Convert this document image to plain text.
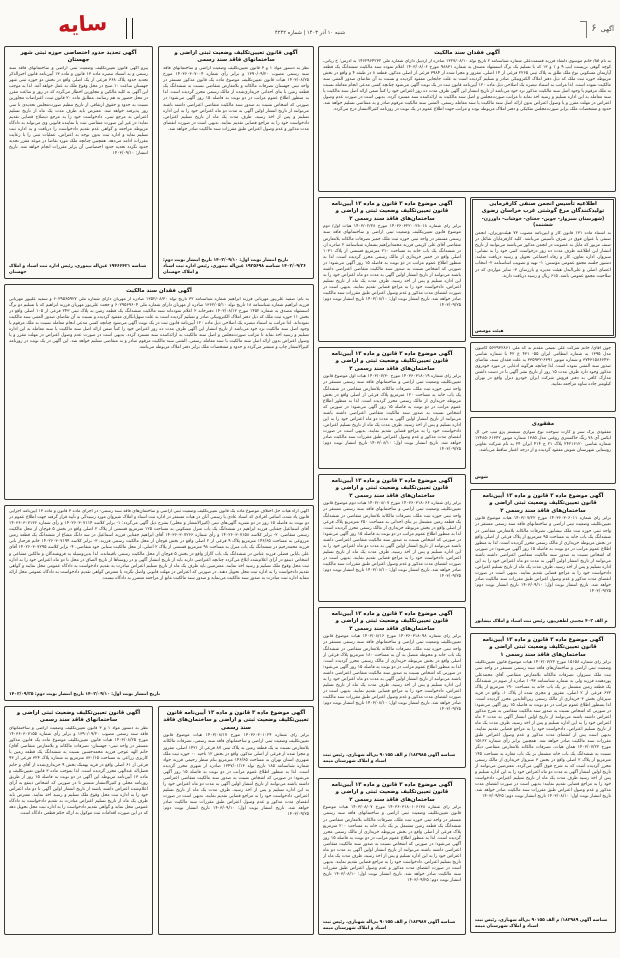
آگهی
۶
شنبه ۱۰ آذر ۱۴۰۳ | شماره ۴۲۴۲
سایه
آگهی تحدید حدود اختصاصی حوزه ثبتی شهر جهستان
پیرو آگهی قانون تعیین‌تکلیف وضعیت ثبتی اراضی و ساختمانهای فاقد سند رسمی و به استناد تبصره ماده ۱۳ قانون و ماده ۱۳ آیین‌نامه قانون اخیرالذکر تحدید حدود پلاک ۳۶۸ فرعی از یک اصلی واقع در بخش دو حوزه ثبتی شهر جهستان ساعت ۱۰ صبح در محل وقوع ملک به عمل خواهد آمد. لذا به موجب این آگهی به کلیه مالکین و مجاورین اخطار می‌گردد که در روز و ساعت مقرر در محل حضور به هم رسانند. مطابق ماده ۲۰ قانون ثبت، اعتراضات مجاورین نسبت به حدود و حقوق ارتفاقی از تاریخ تنظیم صورت‌مجلس تحدیدی تا سی روز پذیرفته خواهد شد. معترض باید ظرف مدت یک ماه از تاریخ تسلیم اعتراض به مرجع ثبتی، دادخواست خود را به مرجع ذیصلاح قضایی تقدیم نماید؛ در غیر این صورت متقاضی ثبت یا نماینده قانونی وی می‌تواند به دادگاه مربوطه مراجعه و گواهی عدم تقدیم دادخواست را دریافت و به اداره ثبت تسلیم نماید و اداره ثبت بدون توجه به اعتراض، عملیات ثبتی را با رعایت مقررات ادامه می‌دهد. همچنین چنانچه ملک مورد تقاضا در موعد مقرر تحدید حدود نگردد تحدید حدود اختصاصی آن برابر مقررات انجام خواهد شد. تاریخ انتشار: ۱۴۰۳/۰۹/۱۰
شناسه ۱۹۴۶۶۴۳۱ عین‌اله تیموری، رئیس اداره ثبت اسناد و املاک جهستان
آگهی قانون تعیین‌تکلیف وضعیت ثبتی اراضی و ساختمانهای فاقد سند رسمی
نظر به دستور مواد ۱ و ۳ قانون تعیین‌تکلیف وضعیت اراضی و ساختمانهای فاقد سند رسمی مصوب ۱۳۹۰/۰۹/۲۰ و برابر رأی شماره ۱۴۰۳۶۰۳۰۷۰۰۴ مورخ ۱۴۰۳/۰۸/۲۵ هیات قانون تعیین‌تکلیف موضوع ماده یک قانون مذکور مستقر در واحد ثبتی جهستان تصرفات مالکانه و بلامعارض متقاضی نسبت به ششدانگ یک قطعه زمین با بنای احداثی خریداری‌شده از مالک رسمی محرز گردیده است. لذا به منظور اطلاع عموم مراتب در دو نوبت به فاصله ۱۵ روز آگهی می‌شود؛ در صورتی که اشخاص نسبت به صدور سند مالکیت متقاضی اعتراضی داشته باشند می‌توانند از تاریخ انتشار اولین آگهی به مدت دو ماه اعتراض خود را به این اداره تسلیم و پس از اخذ رسید، ظرف مدت یک ماه از تاریخ تسلیم اعتراض، دادخواست خود را به مراجع قضایی تقدیم نمایند. بدیهی است در صورت انقضای مدت مذکور و عدم وصول اعتراض طبق مقررات سند مالکیت صادر خواهد شد.
تاریخ انتشار نوبت اول: ۱۴۰۳/۰۹/۱۰ تاریخ انتشار نوبت دوم: ۱۴۰۳/۰۹/۲۶ شناسه ۱۹۳۵۶۹۸ عین‌اله تیموری، رئیس اداره ثبت اسناد و املاک جهستان
آگهی فقدان سند مالکیت
به نام آقا/ خانم موسوی دلشاد فرزند قسمت‌علی شماره شناسنامه ۲ تاریخ تولد ۱۳۲۷/۰۸/۱۰ صادره از اردبیل دارای شماره ملی ۱۴۶۲۹۶۴۲۳۲ به آدرس: خ زیاتی، کوچه گوهر، بن‌بست ایپ ۹ و ۱ و ۱۳ که با تسلیم یک برگ استشهاد مصدق به شماره ۹۸۸۳۱ مورخ ۱۴۰۳/۰۸/۰۶ اعلام نموده سند مالکیت ششدانگ یک قطعه آپارتمان مسکونی نوع ملک طلق به پلاک ثبتی ۲۲۶۵ فرعی از ۱۴ اصلی، مفروز و مجزا شده از ۳۹۸۴ فرعی از اصلی مذکور، قطعه ۸ در طبقه ۴ و واقع در بخش مربوطه حوزه ثبت ملک که ذیل دفتر املاک الکترونیکی صادر و تسلیم گردیده است به علت جابجایی مفقود گردیده و نسبت به آن تقاضای صدور المثنی سند مالکیت نموده است. لذا مراتب به استناد تبصره یک اصلاحی ذیل ماده ۱۲۰ آیین‌نامه قانون ثبت در یک نوبت آگهی می‌شود چنانچه کسی مدعی انجام معامله نسبت به ملک مرقوم یا وجود اصل سند مالکیت مذکور نزد خود می‌باشد از تاریخ انتشار این آگهی ظرف مدت ده روز اعتراض خود را کتباً ضمن ارائه اصل سند مالکیت یا سند معامله به این اداره تسلیم و رسید اخذ نماید تا مراتب صورت‌مجلس و اصل سند مالکیت به ارائه‌کننده سند مسترد گردد. بدیهی است در صورت عدم وصول اعتراض در مهلت مقرر و یا وصول اعتراض بدون ارائه اصل سند مالکیت یا سند معامله رسمی، المثنی سند مالکیت مرقوم صادر و به متقاضی تسلیم خواهد شد. حدود و مشخصات ملک برابر صورت‌مجلس تفکیکی و دفتر املاک مربوطه بوده و مراتب جهت اطلاع عموم در یک نوبت در روزنامه کثیرالانتشار درج می‌گردد.
آگهی موضوع ماده ۳ قانون و ماده ۱۳ آیین‌نامه قانون تعیین‌تکلیف وضعیت ثبتی و اراضی و ساختمان‌های فاقد سند رسمی ۲
برابر رأی شماره ۱۴۰۳۶۰۳۲۲۰۰۲۸۰۱۸ مورخ ۱۴۰۳/۰۲/۲۸ هیات اول/ دوم موضوع قانون تعیین‌تکلیف وضعیت ثبتی اراضی و ساختمانهای فاقد سند رسمی مستقر در واحد ثبتی حوزه ثبت ملک خمیر تصرفات مالکانه بلامعارض متقاضی آقای علی کریمی فرزند محمدابراهیم بشماره شناسنامه ۲ صادره از، در ششدانگ یک باب خانه به مساحت ۲۱۰ مترمربع قسمتی از پلاک ۱۰۳۱ اصلی واقع در خمیر خریداری از مالک رسمی محرز گردیده است. لذا به منظور اطلاع عموم مراتب در دو نوبت به فاصله ۱۵ روز آگهی می‌شود؛ در صورتی که اشخاص نسبت به صدور سند مالکیت متقاضی اعتراضی داشته باشند می‌توانند از تاریخ انتشار اولین آگهی به مدت دو ماه اعتراض خود را به این اداره تسلیم و پس از اخذ رسید، ظرف مدت یک ماه از تاریخ تسلیم اعتراض، دادخواست خود را به مراجع قضایی تقدیم نمایند. بدیهی است در صورت انقضای مدت مذکور و عدم وصول اعتراض طبق مقررات سند مالکیت صادر خواهد شد. تاریخ انتشار نوبت اول: ۱۴۰۳/۰۸/۱۰ تاریخ انتشار نوبت دوم: ۱۴۰۳/۰۹/۲۵
اطلاعیه تأسیس انجمن صنفی کارفرمایی تولیدکنندگان مرغ گوشتی غرب خراسان رضوی
(شهرستان سبزوار- جوین- جغتای- خوشاب- داورزن- ششتمد)
به استناد ماده ۱۳۱ قانون کار و آیین‌نامه مصوب ۷۳ هیئت‌وزیران، انجمن صنفی با عنوان فوق در شرف تأسیس می‌باشد. کلیه کارفرمایان شاغل در صنف مزبور که مایل به عضویت در انجمن مذکور می‌باشند می‌توانند از تاریخ انتشار این اطلاعیه ظرف مدت ده روز درخواست کتبی خود را به نشانی: سبزوار، اداره تعاون، کار و رفاه اجتماعی تحویل و رسید دریافت نمایند. دستور جلسه مجمع عمومی مؤسس: ۱- تهیه و تصویب اساسنامه ۲- انتخاب اعضای اصلی و علی‌البدل هیئت مدیره و بازرسان ۳- سایر مواردی که در صلاحیت مجمع عمومی باشد. ۶۱۵ ریال و رسید دریافت دارند.
هیئت موسس
آگهی فقدان سند مالکیت
به نام: صفیه علی‌پور مهربانی فرزند ابراهیم شماره شناسنامه ۳۲ تاریخ تولد ۱۳۵۲/۰۸/۳۰ صادره از مهربان دارای شماره ملی ۶۰۲۹۵۶۵۹۲۷ و سمیه علیپور مهربانی فرزند ابراهیم شماره شناسنامه ۱۸ تاریخ تولد ۱۳۶۲/۰۵/۱۰ صادره از مهربان دارای شماره ملی ۶۰۲۹۵۶۹۶۰۴ و حجت علی‌پور مهربان فرزند ابراهیم که با تسلیم دو برگ استشهاد مصدق به شماره ۱۴۵۲ مورخ ۱۴۰۳/۰۸/۱۲ دفترخانه ۲ اعلام نموده‌اند سند مالکیت ششدانگ یک قطعه زمین به پلاک ثبتی ۲۴۳ فرعی از ۱۰۵ اصلی واقع در بخش ۱۱ حوزه ثبت ملک که ذیل دفتر املاک الکترونیکی صادر و تسلیم گردیده است به علت سهل‌انگاری مفقود گردیده و نسبت به آن تقاضای صدور المثنی سند مالکیت نموده‌اند. لذا مراتب به استناد تبصره یک اصلاحی ذیل ماده ۱۲۰ آیین‌نامه قانون ثبت در یک نوبت آگهی می‌شود چنانچه کسی مدعی انجام معامله نسبت به ملک مرقوم یا وجود اصل سند مالکیت نزد خود می‌باشد از تاریخ انتشار این آگهی ظرف مدت ده روز اعتراض خود را کتباً ضمن ارائه اصل سند مالکیت یا سند معامله به این اداره تسلیم و رسید اخذ نماید تا مراتب صورت‌مجلس و اصل سند مالکیت به ارائه‌کننده سند مسترد گردد. بدیهی است در صورت عدم وصول اعتراض در مهلت مقرر و یا وصول اعتراض بدون ارائه اصل سند مالکیت یا سند معامله رسمی، المثنی سند مالکیت مرقوم صادر و به متقاضی تسلیم خواهد شد. این آگهی در یک نوبت در روزنامه کثیرالانتشار چاپ و منتشر می‌گردد و حدود و مشخصات ملک برابر دفتر املاک مربوطه می‌باشد.
آگهی آراء هیات حل اختلاف موضوع ماده یک قانون تعیین‌تکلیف وضعیت ثبتی اراضی و ساختمان‌های فاقد سند رسمی- در اجرای ماده ۳ قانون و ماده ۱۳ آیین‌نامه اجرایی قانون یاد شده، اسامی افرادی که اسناد عادی یا رسمی آنان در هیات مستقر در اداره ثبت اسناد و املاک شیروان مورد رسیدگی و تأیید قرار گرفته جهت اطلاع عموم در دو نوبت به فاصله ۱۵ روز در دو نشریه آگهی‌های ثبتی (کثیرالانتشار و محلی) بشرح ذیل آگهی می‌گردد: ۱- برابر کلاسه ۱۴۰۲۶۰۳۰۷۱۱۴ و رأی شماره ۱۴۰۳۶۰۳۰۷۱۳۶ آقای اسماعیل جفتایی فرزند ابراهیم در ششدانگ یک باب منزل مسکونی به مساحت ۱۲۵ مترمربع قسمتی از پلاک ۲ اصلی واقع در بخش ۵ قوچان از محل مالکیت رسمی متقاضی. ۲- برابر کلاسه ۱۴۰۲۶۰۳۰۷۱۵۸ و رأی شماره ۱۴۰۳۶۰۳۰۷۲۶۶ آقای ابراهیم جفتایی فرزند اسماعیل در سه دانگ مشاع از ششدانگ یک قطعه زمین مزروعی به مساحت ۱۴۶/۶۵ مترمربع پلاک ۹ فرعی از ۲ اصلی واقع در بخش قوچان از محل مالکیت رسمی فرزند. ۳- برابر کلاسه ۱۴۰۲۶۰۳۰۷۱۹۴ خانم فرحناز بانی فرزند محمدرحیم در ششدانگ یک باب منزل به مساحت ۹۸ مترمربع قسمتی از پلاک ۲ اصلی، از محل مالکیت ستایی خود متقاضی. ۴- برابر کلاسه ۱۴۰۲۶۰۳۰۷۲۹۵ آقای علی بابایی فضلی فرزند عباس در ششدانگ یک باب گاراژ واقع در بخش ۵ قوچان از محل مالکیت رسمی باقیمانده. لذا بدین‌وسیله به فروشندگان و مالکین مشاعی و اشخاص ذینفع در آرای اعلام‌شده ابلاغ می‌گردد چنانچه اعتراضی دارند باید از تاریخ انتشار آگهی و در روستاها از تاریخ الصاق در محل تا دو ماه اعتراض خود را به اداره ثبت محل وقوع ملک تسلیم و رسید اخذ نمایند. معترضین باید ظرف یک ماه از تاریخ تسلیم اعتراض مبادرت به تقدیم دادخواست به دادگاه عمومی محل نمایند و گواهی تقدیم دادخواست را به اداره ثبت محل تحویل دهند. در صورتی که اعتراض در مهلت قانونی واصل نگردد یا معترض گواهی تقدیم دادخواست به دادگاه عمومی محل ارائه ننماید اداره ثبت مبادرت به صدور سند مالکیت می‌نماید و صدور سند مالکیت مانع از مراجعه متضرر به دادگاه نیست.
تاریخ انتشار نوبت اول: ۱۴۰۳/۰۹/۱۰ تاریخ انتشار نوبت دوم: ۱۴۰۳/۰۹/۲۵
آگهی قانون تعیین‌تکلیف وضعیت ثبتی اراضی و ساختمانهای فاقد سند رسمی
نظر به دستور مواد ۱ و ۳ قانون تعیین‌تکلیف وضعیت اراضی و ساختمانهای فاقد سند رسمی مصوب ۱۳۹۰/۰۹/۲۰ و برابر رأی شماره ۱۴۰۳۶۰۳۰۷۱۵۵ مورخ ۱۴۰۳/۰۸/۲۵ هیات قانون تعیین‌تکلیف موضوع ماده یک قانون مذکور مستقر در واحد ثبتی- جهستان- تصرفات مالکانه و بلامعارض متقاضی آقای/ خانم الهه عوجی فرزند محمدحسین نسبت به ششدانگ یک قطعه زمین با کاربری زراعی به مساحت ۸۳۰/۱۵ مترمربع به شماره پلاک ۳۲۴ فرعی از ۹۳ فرعی از ۶۱ اصلی واقع در قریه بهمنک بخش ۹ خریداری‌شده از آقای و خانم فضل‌اله عبدالهی محرز گردیده است. لذا بموجب ماده ۳ قانون تعیین‌تکلیف و ماده ۱۳ آیین‌نامه مربوطه این آگهی در دو نوبت به فاصله ۱۵ روز از طریق روزنامه محلی و کثیرالانتشار منتشر تا در صورتی که اشخاص ذینفع به آرای اعلام‌شده اعتراض داشته باشند از تاریخ انتشار اولین آگهی تا دو ماه اعتراض خود را به اداره ثبت محل وقوع ملک تسلیم و رسید اخذ نمایند. معترض باید ظرف یک ماه از تاریخ تسلیم اعتراض مبادرت به تقدیم دادخواست به دادگاه عمومی محل نماید و گواهی تقدیم دادخواست را به اداره ثبت محل تحویل دهد که در این صورت اقدامات ثبت موکول به ارائه حکم قطعی دادگاه است.
آگهی موضوع ماده ۳ قانون و ماده ۱۳ آیین‌نامه قانون تعیین‌تکلیف وضعیت ثبتی و اراضی و ساختمان‌های فاقد سند رسمی
برابر رأی شماره ۱۴۰۳۶۰۳۰۱۰۲۴ مورخ ۱۴۰۳/۰۸/۱۷ هیات موضوع قانون تعیین‌تکلیف وضعیت ثبتی اراضی و ساختمانهای فاقد سند رسمی، تصرفات مالکانه بلامعارض نسبت به یک قطعه زمین به پلاک ثبتی ۸۷ فرعی از ۱۴۲۱ اصلی، مفروز و مجزا شده از فرعی از اصلی مذکور، واقع در بخش ۱۲ ناحیه ۰۰ حوزه ثبت ملک شهرری استان تهران به مساحت ۱۴۶/۶۵ مترمربع بنام منظر رحیمی فرزند جواد شماره شناسنامه ۱۸۵ تاریخ تولد ۱۳۴۷/۰۱/۱۳ صادره از شهری محرز گردیده است. لذا به منظور اطلاع عموم مراتب در دو نوبت به فاصله ۱۵ روز آگهی می‌شود؛ در صورتی که اشخاص نسبت به صدور سند مالکیت متقاضی اعتراضی داشته باشند می‌توانند از تاریخ انتشار اولین آگهی به مدت دو ماه اعتراض خود را به این اداره تسلیم و پس از اخذ رسید، ظرف مدت یک ماه از تاریخ تسلیم اعتراض، دادخواست خود را به مراجع قضایی تقدیم نمایند. بدیهی است در صورت انقضای مدت مذکور و عدم وصول اعتراض طبق مقررات سند مالکیت صادر خواهد شد. تاریخ انتشار نوبت اول: ۱۴۰۳/۰۹/۱۰ تاریخ انتشار نوبت دوم: ۱۴۰۳/۰۹/۲۵
آگهی موضوع ماده ۳ قانون و ماده ۱۳ آیین‌نامه قانون تعیین‌تکلیف وضعیت ثبتی و اراضی و ساختمان‌های فاقد سند رسمی ۲
برابر رأی شماره ۱۴۰۳۶۰۳۱۸۰۱۹ مورخ ۱۴۰۳/۰۷/۳۰ هیات اول موضوع قانون تعیین‌تکلیف وضعیت ثبتی اراضی و ساختمانهای فاقد سند رسمی مستقر در واحد ثبتی حوزه ثبت ملک، تصرفات مالکانه بلامعارض متقاضی در ششدانگ یک باب خانه به مساحت ۱۲۰ مترمربع پلاک فرعی از اصلی واقع در بخش مربوطه خریداری از مالک رسمی محرز گردیده است. لذا به منظور اطلاع عموم مراتب در دو نوبت به فاصله ۱۵ روز آگهی می‌شود؛ در صورتی که اشخاص نسبت به صدور سند مالکیت متقاضی اعتراضی داشته باشند می‌توانند از تاریخ انتشار اولین آگهی به مدت دو ماه اعتراض خود را به این اداره تسلیم و پس از اخذ رسید، ظرف مدت یک ماه از تاریخ تسلیم اعتراض، دادخواست خود را به مراجع قضایی تقدیم نمایند. بدیهی است در صورت انقضای مدت مذکور و عدم وصول اعتراض طبق مقررات سند مالکیت صادر خواهد شد. تاریخ انتشار نوبت اول: ۱۴۰۳/۰۸/۱۰ تاریخ انتشار نوبت دوم: ۱۴۰۳/۰۹/۲۵
آگهی موضوع ماده ۳ قانون و ماده ۱۳ آیین‌نامه قانون تعیین‌تکلیف وضعیت ثبتی و اراضی و ساختمان‌های فاقد سند رسمی ۲
برابر رأی شماره ۱۴۰۳۶۰۳۱۸۰۶۶ مورخ ۱۴۰۳/۰۸/۰۷ هیات دوم موضوع قانون تعیین‌تکلیف وضعیت ثبتی اراضی و ساختمانهای فاقد سند رسمی مستقر در واحد ثبتی حوزه ثبت ملک، تصرفات مالکانه بلامعارض متقاضی در ششدانگ یک قطعه زمین مشتمل بر بنای احداثی به مساحت ۲۵۰ مترمربع پلاک فرعی از اصلی واقع در بخش مربوطه خریداری از مالک رسمی محرز گردیده است. لذا به منظور اطلاع عموم مراتب در دو نوبت به فاصله ۱۵ روز آگهی می‌شود؛ در صورتی که اشخاص نسبت به صدور سند مالکیت متقاضی اعتراضی داشته باشند می‌توانند از تاریخ انتشار اولین آگهی به مدت دو ماه اعتراض خود را به این اداره تسلیم و پس از اخذ رسید، ظرف مدت یک ماه از تاریخ تسلیم اعتراض، دادخواست خود را به مراجع قضایی تقدیم نمایند. بدیهی است در صورت انقضای مدت مذکور و عدم وصول اعتراض طبق مقررات سند مالکیت صادر خواهد شد. تاریخ انتشار نوبت اول: ۱۴۰۳/۰۸/۱۰ تاریخ انتشار نوبت دوم: ۱۴۰۳/۰۹/۲۵
آگهی موضوع ماده ۳ قانون و ماده ۱۳ آیین‌نامه قانون تعیین‌تکلیف وضعیت ثبتی و اراضی و ساختمان‌های فاقد سند رسمی ۲
برابر رأی شماره ۱۴۰۳۶۰۳۱۸۰۹۸ مورخ ۱۴۰۳/۰۸/۱۶ هیات موضوع قانون تعیین‌تکلیف وضعیت ثبتی اراضی و ساختمانهای فاقد سند رسمی مستقر در واحد ثبتی حوزه ثبت ملک، تصرفات مالکانه بلامعارض متقاضی در ششدانگ یک باب خانه و محوطه متصل به آن به مساحت ۱۸۰ مترمربع پلاک فرعی از اصلی واقع در بخش مربوطه خریداری از مالک رسمی محرز گردیده است. لذا به منظور اطلاع عموم مراتب در دو نوبت به فاصله ۱۵ روز آگهی می‌شود؛ در صورتی که اشخاص نسبت به صدور سند مالکیت متقاضی اعتراضی داشته باشند می‌توانند از تاریخ انتشار اولین آگهی به مدت دو ماه اعتراض خود را به این اداره تسلیم و پس از اخذ رسید، ظرف مدت یک ماه از تاریخ تسلیم اعتراض، دادخواست خود را به مراجع قضایی تقدیم نمایند. بدیهی است در صورت انقضای مدت مذکور و عدم وصول اعتراض طبق مقررات سند مالکیت صادر خواهد شد. تاریخ انتشار نوبت اول: ۱۴۰۳/۰۸/۱۰ تاریخ انتشار نوبت دوم: ۱۴۰۳/۰۹/۲۵
شناسه آگهی ۱۸۳۹۸۵/ م الف ۹۰۱۵۵ بی‌اله شهبازی، رئیس ثبت اسناد و املاک شهرستان میمه
آگهی موضوع ماده ۳ قانون و ماده ۱۳ آیین‌نامه قانون تعیین‌تکلیف وضعیت ثبتی و اراضی و ساختمان‌های فاقد سند رسمی ۲
برابر رأی شماره ۱۴۰۳۶۰۳۱۸۰۱۰۶۱۳۸ مورخ ۱۴۰۳/۰۸/۰۷ هیات موضوع قانون تعیین‌تکلیف وضعیت ثبتی اراضی و ساختمانهای فاقد سند رسمی مستقر در واحد ثبتی حوزه ثبت ملک، تصرفات مالکانه بلامعارض متقاضی در ششدانگ یک قطعه زمین مشتمل بر یک باب خانه به مساحت ۲۰۰ مترمربع پلاک فرعی از اصلی واقع در بخش مربوطه خریداری از مالک رسمی محرز گردیده است. لذا به منظور اطلاع عموم مراتب در دو نوبت به فاصله ۱۵ روز آگهی می‌شود؛ در صورتی که اشخاص نسبت به صدور سند مالکیت متقاضی اعتراضی داشته باشند می‌توانند از تاریخ انتشار اولین آگهی به مدت دو ماه اعتراض خود را به این اداره تسلیم و پس از اخذ رسید، ظرف مدت یک ماه از تاریخ تسلیم اعتراض، دادخواست خود را به مراجع قضایی تقدیم نمایند. بدیهی است در صورت انقضای مدت مذکور و عدم وصول اعتراض طبق مقررات سند مالکیت صادر خواهد شد. تاریخ انتشار نوبت اول: ۱۴۰۳/۰۸/۱۰ تاریخ انتشار نوبت دوم: ۱۴۰۳/۰۹/۲۵
شناسه آگهی ۱۸۳۹۸۷/ م الف ۹۰۱۵۵ بی‌اله شهبازی، رئیس ثبت اسناد و املاک شهرستان میمه
چون آقای/ خانم شرکت علی نعیمی مقدم به کد ملی ۵۶۲۹۳۲۸۶۱ کامیون مدل ۱۳۹۵ به شماره انتظامی ایران ۵۵- ۴۳۱ ع ۴۲ با شماره شاسی ۳۷۴۳۱۵۸۶۶۴۳۰ و شماره موتور ۶۳۹۱-۳۳۵۹۳۲ به علت فقدان سند، تقاضای صدور سند المثنی نموده است. لذا چنانچه هرگونه ادعایی در مورد خودروی مذکور وجود دارد ظرف مدت ۱۵ روز از تاریخ نشر آگهی با در دست داشتن مدارک کافی به دفتر فروش شرکت ایران خودرو دیزل واقع در تهران کیلومتر جاده ساوه مراجعه نمایید.
مفقودی
مفقودی برگ سبز و کارت سوخت نوع سواری سیستم پژو تیپ جی ال ایکس آی ۷۸ رنگ خاکستری روغنی مدل ۱۳۸۵ شماره موتور ۱۲۴۸۵۰۶۱۳۴۲ شماره شاسی ۲۴۲۱۶۱۲۰ پلاک ۲۱ ج ۴۱۴ ایران ۲۴ به نام شرکت تعاونی روستایی شهرستان شوش مفقود گردیده و از درجه اعتبار ساقط می‌باشد.
شوش
آگهی موضوع ماده ۳ قانون و ماده ۱۳ آیین‌نامه قانون تعیین‌تکلیف وضعیت ثبتی اراضی و ساختمان‌های فاقد سند رسمی ۲
برابر رأی شماره ۱۴۰۳۶۰۳۰۶۰۱۱ مورخ ۱۴۰۳/۰۷/۲۲ هیات موضوع قانون تعیین‌تکلیف وضعیت ثبتی اراضی و ساختمانهای فاقد سند رسمی مستقر در واحد ثبتی حوزه ثبت ملک نیشابور، تصرفات مالکانه بلامعارض متقاضی در ششدانگ یک باب خانه به مساحت ۹۵ مترمربع از پلاک فرعی از اصلی واقع در بخش مربوطه خریداری از مالک رسمی محرز گردیده است. لذا به منظور اطلاع عموم مراتب در دو نوبت به فاصله ۱۵ روز آگهی می‌شود؛ در صورتی که اشخاص نسبت به صدور سند مالکیت متقاضی اعتراضی داشته باشند می‌توانند از تاریخ انتشار اولین آگهی به مدت دو ماه اعتراض خود را به این اداره تسلیم و پس از اخذ رسید، ظرف مدت یک ماه از تاریخ تسلیم اعتراض، دادخواست خود را به مراجع قضایی تقدیم نمایند. بدیهی است در صورت انقضای مدت مذکور و عدم وصول اعتراض طبق مقررات سند مالکیت صادر خواهد شد. تاریخ انتشار نوبت اول: ۱۴۰۳/۰۹/۱۰ تاریخ انتشار نوبت دوم: ۱۴۰۳/۰۹/۲۵
م الف ۴۰۲ مجتبی لطفی‌پور، رئیس ثبت اسناد و املاک نیشابور
آگهی موضوع ماده ۳ قانون و ماده ۱۳ آیین‌نامه قانون تعیین‌تکلیف وضعیت ثبتی اراضی و ساختمان‌های فاقد سند رسمی ۱
برابر رأی شماره ۱۵۱۵۸ مورخ ۱۴۰۳/۰۷/۲۲ هیات موضوع قانون تعیین‌تکلیف وضعیت ثبتی اراضی و ساختمان‌های فاقد سند رسمی مستقر در واحد ثبتی ثبت ملک سبزوار، تصرفات مالکانه بلامعارض متقاضی آقای محمدعلی پوردهنده فرزند ولی به شماره شناسنامه ۱۰۹۳ صادره از صوم در ششدانگ یک قطعه زمین مشتمل بر یک باب خانه به مساحت ۱۹۰ مترمربع از پلاک ۶۳۲ فرعی از ۲ اصلی، مفروز و مجزی شده از پلاک ۱، واقع در قریه سیرغان بخش ۳ خریداری از مالک رسمی زین‌العابدین محرز گردیده است. لذا بمنظور اطلاع عموم مراتب در دو نوبت به فاصله ۱۵ روز آگهی می‌شود؛ در صورتی که اشخاص نسبت به صدور سند مالکیت متقاضی به شرح مذکور اعتراض داشته باشند می‌توانند از تاریخ اولین انتشار آگهی به مدت ۲ ماه اعتراض خود را به این اداره تسلیم و پس از اخذ رسید، ظرف مدت یک ماه از تاریخ تسلیم اعتراض، دادخواست خود را به مراجع قضایی تقدیم نمایند. بدیهی است پس از انقضای مدت مذکور و عدم وصول اعتراض طبق مقررات سند مالکیت صادر خواهد شد. همچنین برابر رأی شماره ۱۵۱۶۲ مورخ ۱۴۰۳/۰۷/۲۲ همان هیات، تصرفات مالکانه بلامعارض متقاضی دیگر نسبت به ششدانگ یک باب خانه مشتمل بر یک باب مغازه به مساحت ۱۴۵ مترمربع از پلاک ۲ اصلی واقع در بخش ۳ سبزوار خریداری از مالک رسمی محرز گردیده است که به شرح فوق آگهی می‌گردد. معترضین می‌توانند از تاریخ اولین انتشار آگهی به مدت دو ماه اعتراض خود را به این اداره تسلیم و پس از اخذ رسید ظرف مدت یک ماه از تاریخ تسلیم اعتراض، دادخواست خود را به مراجع قضایی تقدیم نمایند؛ بدیهی است در صورت انقضای مدت مذکور و عدم وصول اعتراض طبق مقررات سند مالکیت صادر خواهد شد. تاریخ انتشار نوبت اول: ۱۴۰۳/۰۸/۱۰ تاریخ انتشار نوبت دوم: ۱۴۰۳/۰۹/۲۵
شناسه آگهی ۱۸۳۹۸۹/ م الف ۹۰۱۵۵ بی‌اله شهبازی، رئیس ثبت اسناد و املاک شهرستان میمه
